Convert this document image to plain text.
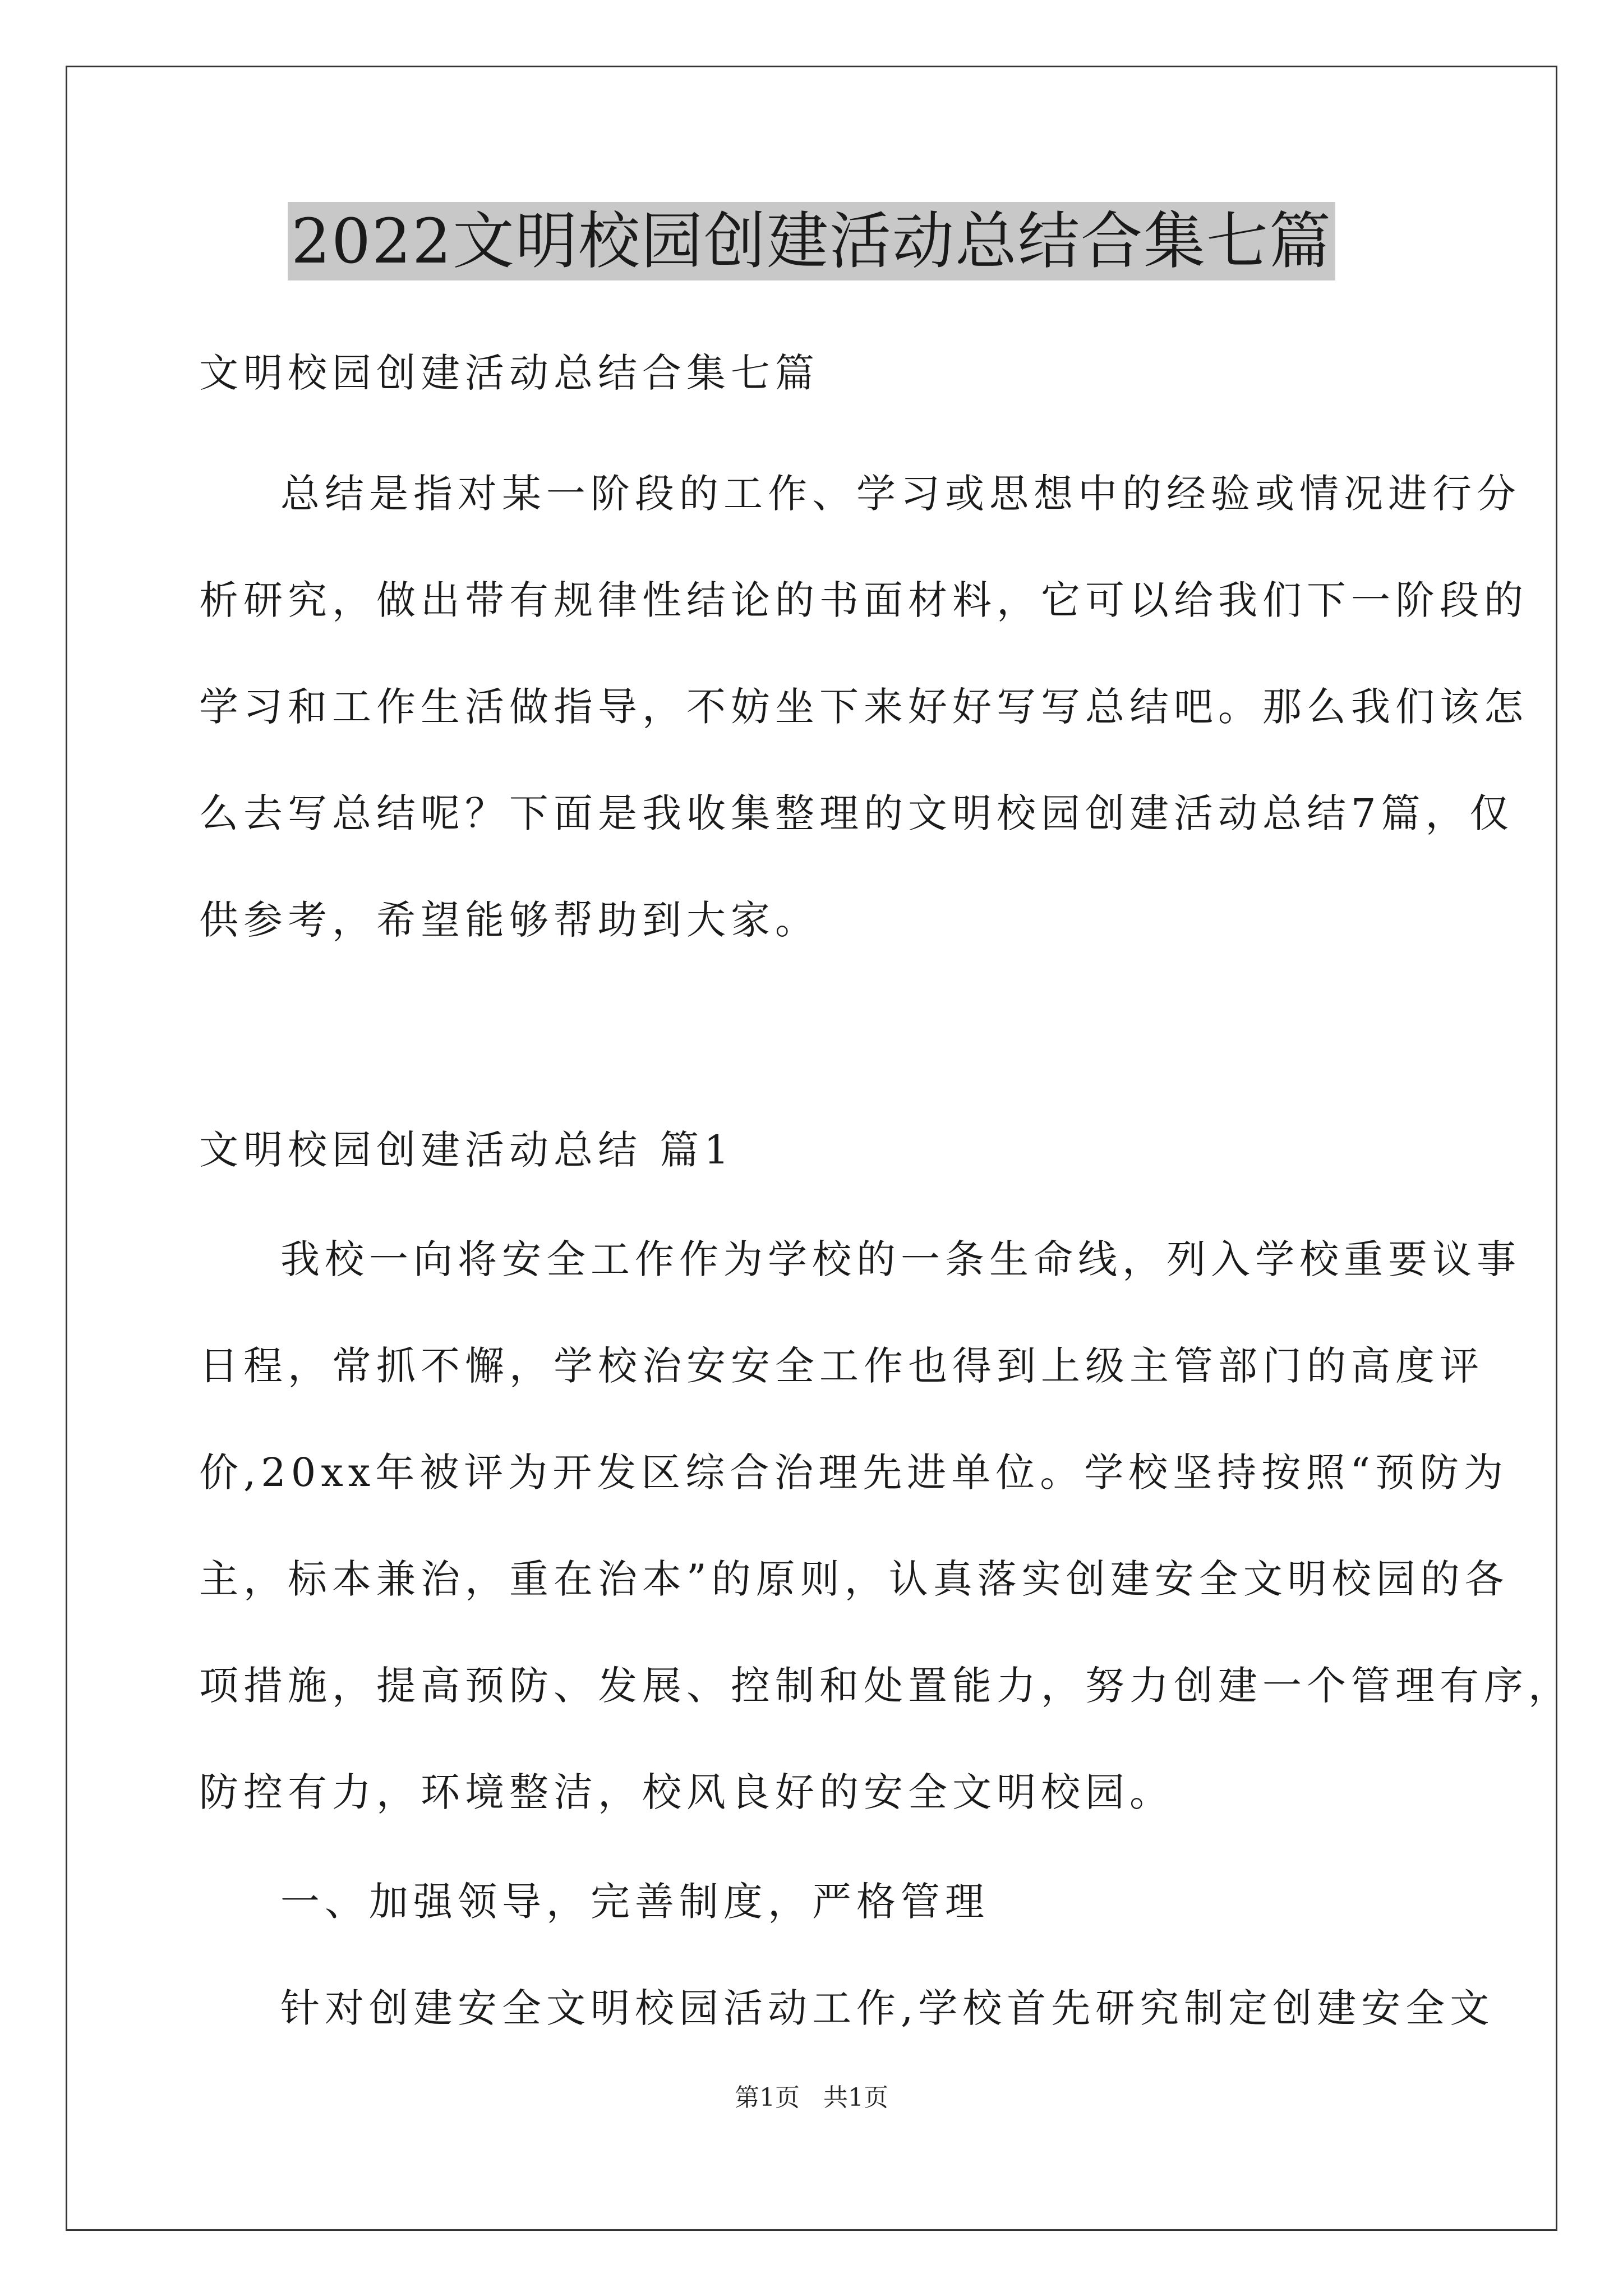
2022文明校园创建活动总结合集七篇
文明校园创建活动总结合集七篇
总结是指对某一阶段的工作、学习或思想中的经验或情况进行分
析研究，做出带有规律性结论的书面材料，它可以给我们下一阶段的
学习和工作生活做指导，不妨坐下来好好写写总结吧。那么我们该怎
么去写总结呢？下面是我收集整理的文明校园创建活动总结7篇，仅
供参考，希望能够帮助到大家。
文明校园创建活动总结 篇1
我校一向将安全工作作为学校的一条生命线，列入学校重要议事
日程，常抓不懈，学校治安安全工作也得到上级主管部门的高度评
价,20xx年被评为开发区综合治理先进单位。学校坚持按照“预防为
主，标本兼治，重在治本”的原则，认真落实创建安全文明校园的各
项措施，提高预防、发展、控制和处置能力，努力创建一个管理有序，
防控有力，环境整洁，校风良好的安全文明校园。
一、加强领导，完善制度，严格管理
针对创建安全文明校园活动工作,学校首先研究制定创建安全文
第1页   共1页
